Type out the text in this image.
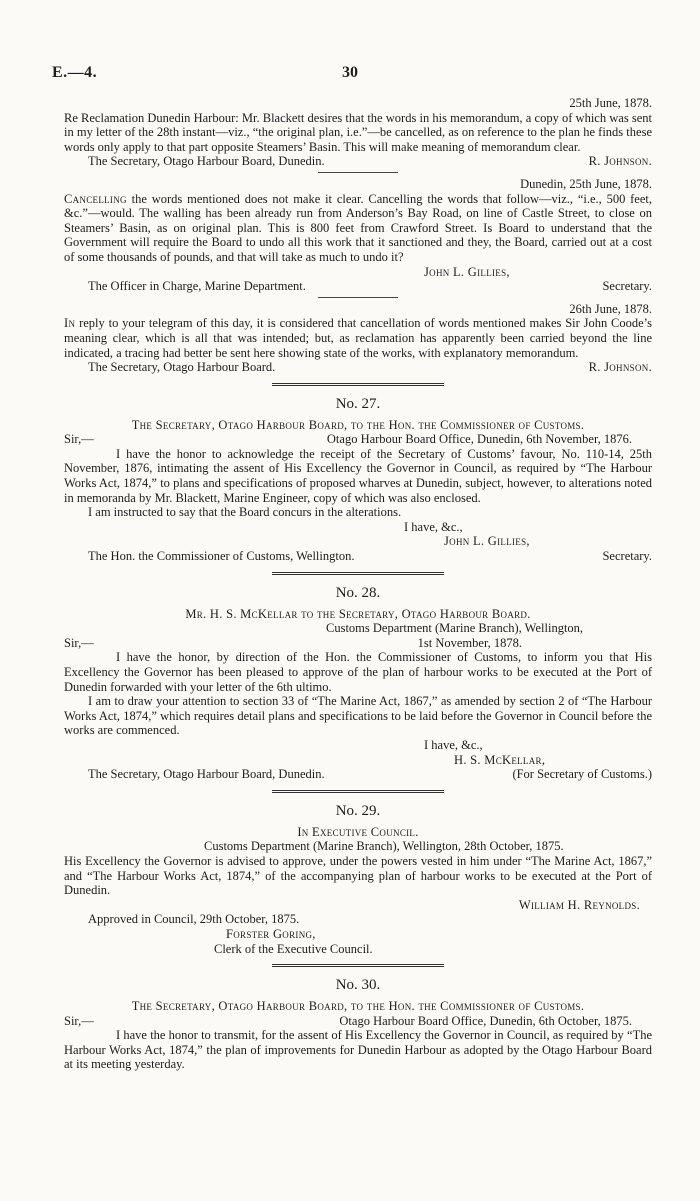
E.—4.	30

25th June, 1878.

Re Reclamation Dunedin Harbour: Mr. Blackett desires that the words in his memorandum, a copy of which was sent in my letter of the 28th instant—viz., “the original plan, i.e.”—be cancelled, as on reference to the plan he finds these words only apply to that part opposite Steamers’ Basin. This will make meaning of memorandum clear.

The Secretary, Otago Harbour Board, Dunedin.	R. Johnson.

Dunedin, 25th June, 1878.

Cancelling the words mentioned does not make it clear. Cancelling the words that follow—viz., “i.e., 500 feet, &c.”—would. The walling has been already run from Anderson’s Bay Road, on line of Castle Street, to close on Steamers’ Basin, as on original plan. This is 800 feet from Crawford Street. Is Board to understand that the Government will require the Board to undo all this work that it sanctioned and they, the Board, carried out at a cost of some thousands of pounds, and that will take as much to undo it?

John L. Gillies,

The Officer in Charge, Marine Department.	Secretary.

26th June, 1878.

In reply to your telegram of this day, it is considered that cancellation of words mentioned makes Sir John Coode’s meaning clear, which is all that was intended; but, as reclamation has apparently been carried beyond the line indicated, a tracing had better be sent here showing state of the works, with explanatory memorandum.

The Secretary, Otago Harbour Board.	R. Johnson.

No. 27.

The Secretary, Otago Harbour Board, to the Hon. the Commissioner of Customs.

Sir,—	Otago Harbour Board Office, Dunedin, 6th November, 1876.

I have the honor to acknowledge the receipt of the Secretary of Customs’ favour, No. 110-14, 25th November, 1876, intimating the assent of His Excellency the Governor in Council, as required by “The Harbour Works Act, 1874,” to plans and specifications of proposed wharves at Dunedin, subject, however, to alterations noted in memoranda by Mr. Blackett, Marine Engineer, copy of which was also enclosed.

I am instructed to say that the Board concurs in the alterations.

I have, &c.,

John L. Gillies,

The Hon. the Commissioner of Customs, Wellington.	Secretary.

No. 28.

Mr. H. S. McKellar to the Secretary, Otago Harbour Board.

Customs Department (Marine Branch), Wellington,

Sir,—	1st November, 1878.

I have the honor, by direction of the Hon. the Commissioner of Customs, to inform you that His Excellency the Governor has been pleased to approve of the plan of harbour works to be executed at the Port of Dunedin forwarded with your letter of the 6th ultimo.

I am to draw your attention to section 33 of “The Marine Act, 1867,” as amended by section 2 of “The Harbour Works Act, 1874,” which requires detail plans and specifications to be laid before the Governor in Council before the works are commenced.

I have, &c.,

H. S. McKellar,

The Secretary, Otago Harbour Board, Dunedin.	(For Secretary of Customs.)

No. 29.

In Executive Council.

Customs Department (Marine Branch), Wellington, 28th October, 1875.

His Excellency the Governor is advised to approve, under the powers vested in him under “The Marine Act, 1867,” and “The Harbour Works Act, 1874,” of the accompanying plan of harbour works to be executed at the Port of Dunedin.

William H. Reynolds.

Approved in Council, 29th October, 1875.

Forster Goring,

Clerk of the Executive Council.

No. 30.

The Secretary, Otago Harbour Board, to the Hon. the Commissioner of Customs.

Sir,—	Otago Harbour Board Office, Dunedin, 6th October, 1875.

I have the honor to transmit, for the assent of His Excellency the Governor in Council, as required by “The Harbour Works Act, 1874,” the plan of improvements for Dunedin Harbour as adopted by the Otago Harbour Board at its meeting yesterday.
